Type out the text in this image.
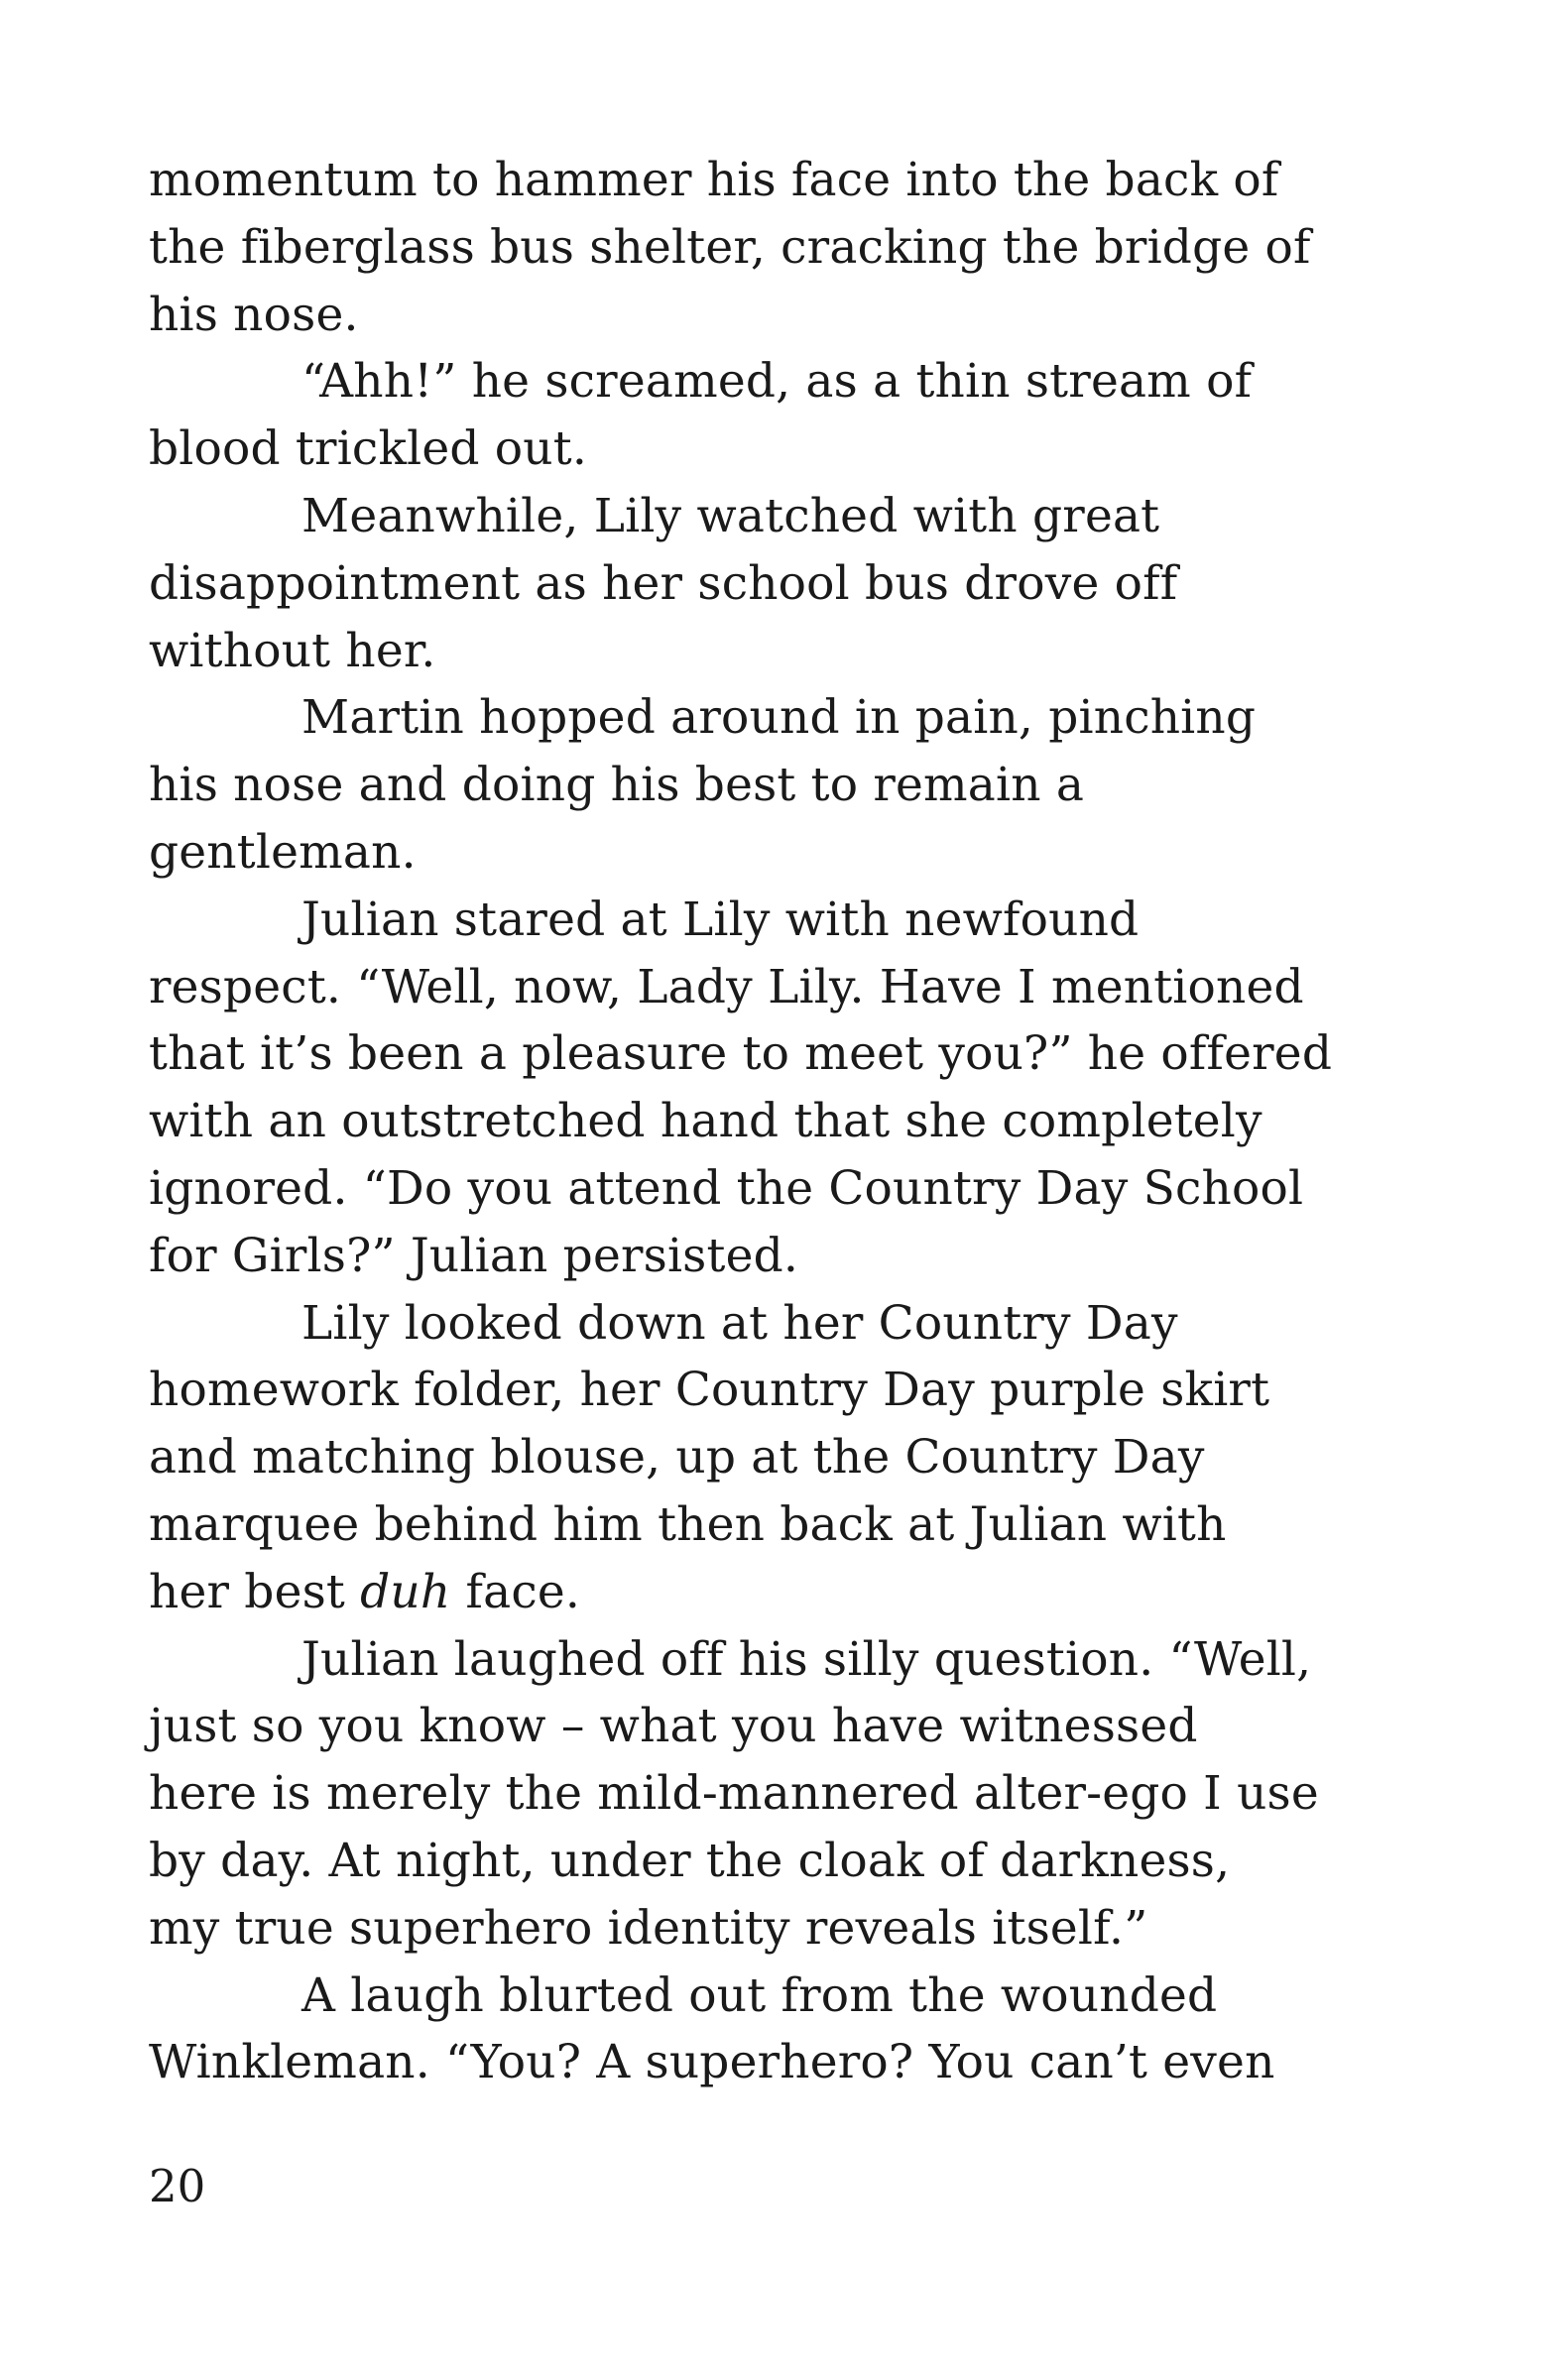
momentum to hammer his face into the back of
the fiberglass bus shelter, cracking the bridge of
his nose.
“Ahh!” he screamed, as a thin stream of
blood trickled out.
Meanwhile, Lily watched with great
disappointment as her school bus drove off
without her.
Martin hopped around in pain, pinching
his nose and doing his best to remain a
gentleman.
Julian stared at Lily with newfound
respect. “Well, now, Lady Lily. Have I mentioned
that it’s been a pleasure to meet you?” he offered
with an outstretched hand that she completely
ignored. “Do you attend the Country Day School
for Girls?” Julian persisted.
Lily looked down at her Country Day
homework folder, her Country Day purple skirt
and matching blouse, up at the Country Day
marquee behind him then back at Julian with
her best duh face.
Julian laughed off his silly question. “Well,
just so you know – what you have witnessed
here is merely the mild-mannered alter-ego I use
by day. At night, under the cloak of darkness,
my true superhero identity reveals itself.”
A laugh blurted out from the wounded
Winkleman. “You? A superhero? You can’t even
20
